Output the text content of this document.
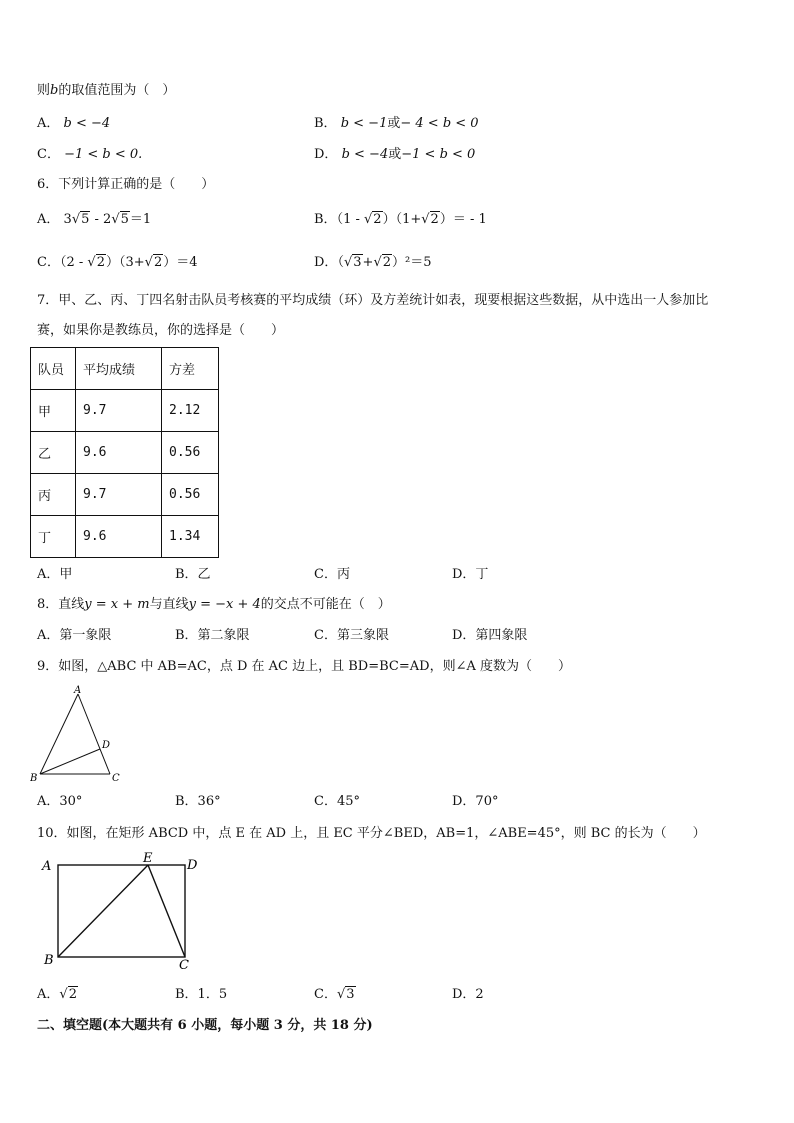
则b的取值范围为（　）
A． b < −4	B． b < −1或− 4 < b < 0
C． −1 < b < 0.	D． b < −4或−1 < b < 0
6．下列计算正确的是（　　）
A． 3√5 - 2√5＝1	B．（1 - √2）（1+√2）＝ - 1
C．（2 - √2）（3+√2）＝4	D．（√3+√2）²＝5
7．甲、乙、丙、丁四名射击队员考核赛的平均成绩（环）及方差统计如表，现要根据这些数据，从中选出一人参加比
赛，如果你是教练员，你的选择是（　　）
队员	平均成绩	方差
甲	9.7	2.12
乙	9.6	0.56
丙	9.7	0.56
丁	9.6	1.34
A．甲	B．乙	C．丙	D．丁
8．直线y = x + m与直线y = −x + 4的交点不可能在（　）
A．第一象限	B．第二象限	C．第三象限	D．第四象限
9．如图，△ABC 中 AB=AC，点 D 在 AC 边上，且 BD=BC=AD，则∠A 度数为（　　）
A
B	C
D
A．30°	B．36°	C．45°	D．70°
10．如图，在矩形 ABCD 中，点 E 在 AD 上，且 EC 平分∠BED，AB=1，∠ABE=45°，则 BC 的长为（　　）
A
B	C
D
E
A．√2	B．1．5	C．√3	D．2
二、填空题(本大题共有 6 小题，每小题 3 分，共 18 分)
